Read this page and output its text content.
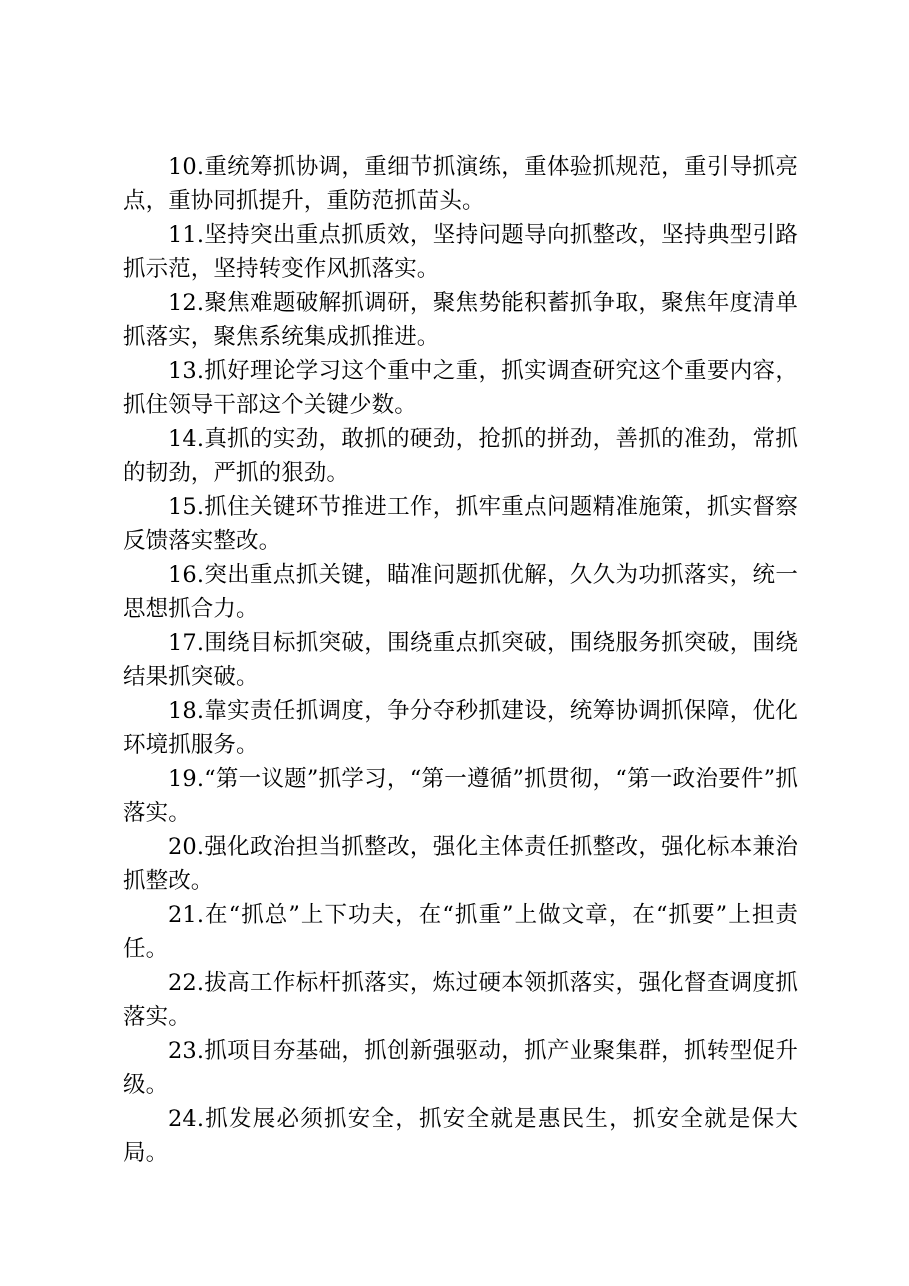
10.重统筹抓协调，重细节抓演练，重体验抓规范，重引导抓亮点，重协同抓提升，重防范抓苗头。

11.坚持突出重点抓质效，坚持问题导向抓整改，坚持典型引路抓示范，坚持转变作风抓落实。

12.聚焦难题破解抓调研，聚焦势能积蓄抓争取，聚焦年度清单抓落实，聚焦系统集成抓推进。

13.抓好理论学习这个重中之重，抓实调查研究这个重要内容，抓住领导干部这个关键少数。

14.真抓的实劲，敢抓的硬劲，抢抓的拼劲，善抓的准劲，常抓的韧劲，严抓的狠劲。

15.抓住关键环节推进工作，抓牢重点问题精准施策，抓实督察反馈落实整改。

16.突出重点抓关键，瞄准问题抓优解，久久为功抓落实，统一思想抓合力。

17.围绕目标抓突破，围绕重点抓突破，围绕服务抓突破，围绕结果抓突破。

18.靠实责任抓调度，争分夺秒抓建设，统筹协调抓保障，优化环境抓服务。

19.“第一议题”抓学习，“第一遵循”抓贯彻，“第一政治要件”抓落实。

20.强化政治担当抓整改，强化主体责任抓整改，强化标本兼治抓整改。

21.在“抓总”上下功夫，在“抓重”上做文章，在“抓要”上担责任。

22.拔高工作标杆抓落实，炼过硬本领抓落实，强化督查调度抓落实。

23.抓项目夯基础，抓创新强驱动，抓产业聚集群，抓转型促升级。

24.抓发展必须抓安全，抓安全就是惠民生，抓安全就是保大局。
